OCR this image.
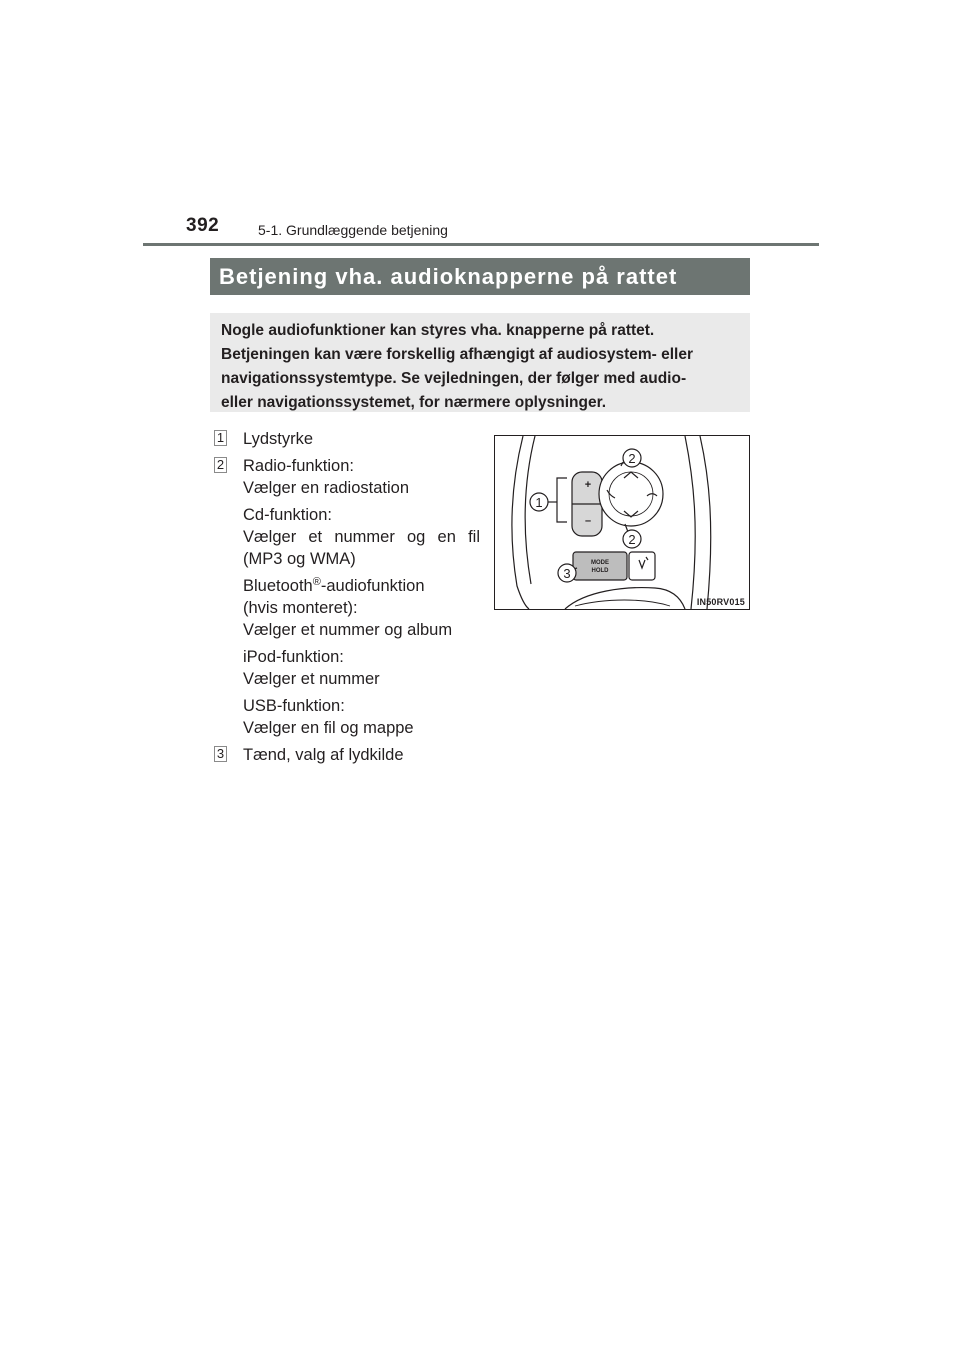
392	5-1. Grundlæggende betjening
Betjening vha. audioknapperne på rattet

Nogle audiofunktioner kan styres vha. knapperne på rattet.

Betjeningen kan være forskellig afhængigt af audiosystem- eller

navigationssystemtype. Se vejledningen, der følger med audio-

eller navigationssystemet, for nærmere oplysninger.

1 Lydstyrke
2 Radio-funktion:
Vælger en radiostation
Cd-funktion:
Vælger et nummer og en fil
(MP3 og WMA)
Bluetooth®-audiofunktion
(hvis monteret):
Vælger et nummer og album
iPod-funktion:
Vælger et nummer
USB-funktion:
Vælger en fil og mappe
3 Tænd, valg af lydkilde
1
2
2
3
+
–
MODE
HOLD
IN50RV015
